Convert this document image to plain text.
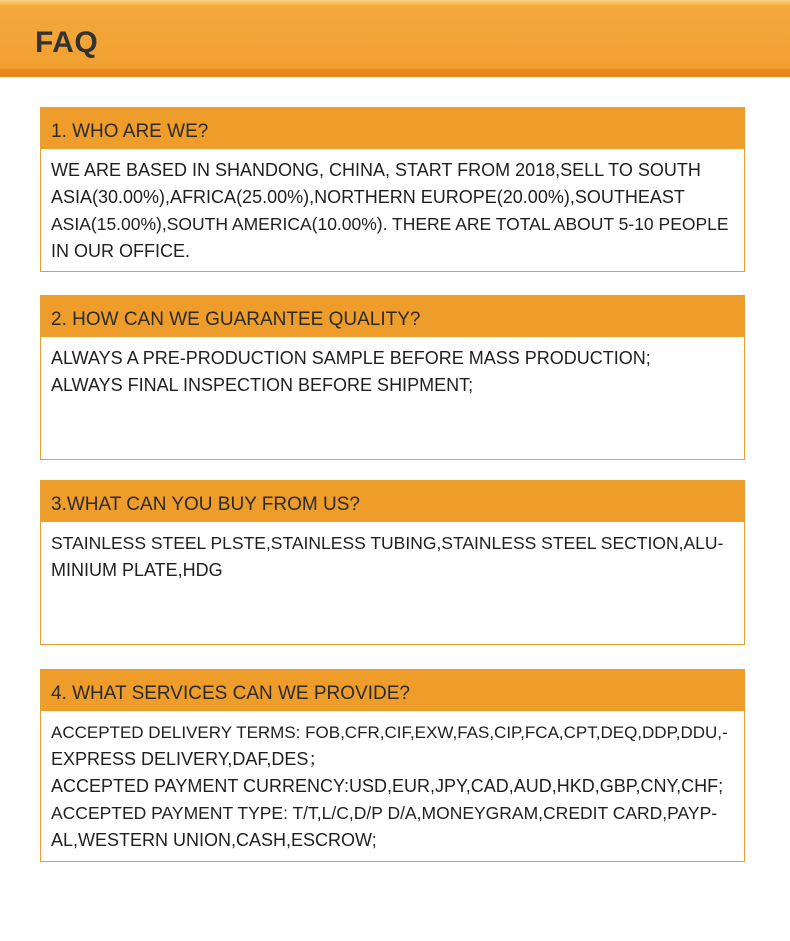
FAQ
1. WHO ARE WE?
WE ARE BASED IN SHANDONG, CHINA, START FROM 2018,SELL TO SOUTH
ASIA(30.00%),AFRICA(25.00%),NORTHERN EUROPE(20.00%),SOUTHEAST
ASIA(15.00%),SOUTH AMERICA(10.00%). THERE ARE TOTAL ABOUT 5-10 PEOPLE
IN OUR OFFICE.
2. HOW CAN WE GUARANTEE QUALITY?
ALWAYS A PRE-PRODUCTION SAMPLE BEFORE MASS PRODUCTION;
ALWAYS FINAL INSPECTION BEFORE SHIPMENT;
3.WHAT CAN YOU BUY FROM US?
STAINLESS STEEL PLSTE,STAINLESS TUBING,STAINLESS STEEL SECTION,ALU-
MINIUM PLATE,HDG
4. WHAT SERVICES CAN WE PROVIDE?
ACCEPTED DELIVERY TERMS: FOB,CFR,CIF,EXW,FAS,CIP,FCA,CPT,DEQ,DDP,DDU,-
EXPRESS DELIVERY,DAF,DES；
ACCEPTED PAYMENT CURRENCY:USD,EUR,JPY,CAD,AUD,HKD,GBP,CNY,CHF;
ACCEPTED PAYMENT TYPE: T/T,L/C,D/P D/A,MONEYGRAM,CREDIT CARD,PAYP-
AL,WESTERN UNION,CASH,ESCROW;
